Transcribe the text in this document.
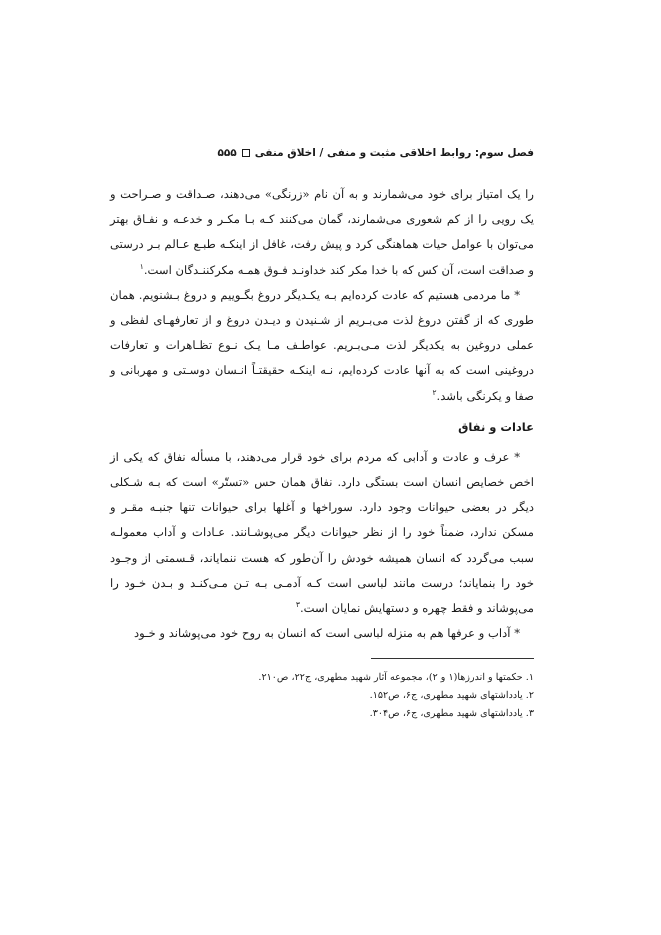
فصل سوم: روابط اخلاقی مثبت و منفی / اخلاق منفی
۵۵۵

را یک امتیاز برای خود می‌شمارند و به آن نام «زرنگی» می‌دهند، صـداقت و صـراحت و یک رویی را از کم شعوری می‌شمارند، گمان می‌کنند کـه بـا مکـر و خدعـه و نفـاق بهتر می‌توان با عوامل حیات هماهنگی کرد و پیش رفت، غافل از اینکـه طبـع عـالم بـر درستی و صداقت است، آن کس که با خدا مکر کند خداونـد فـوق همـه مکرکننـدگان است.$^۱$

* ما مردمی هستیم که عادت کرده‌ایم بـه یکـدیگر دروغ بگـوییم و دروغ بـشنویم. همان طوری که از گفتن دروغ لذت می‌بـریم از شـنیدن و دیـدن دروغ و از تعارفهـای لفظی و عملی دروغین به یکدیگر لذت مـی‌بـریم. عواطـف مـا یـک نـوع تظـاهرات و تعارفات دروغینی است که به آنها عادت کرده‌ایم، نـه اینکـه حقیقتـاً انـسان دوسـتی و مهربانی و صفا و یکرنگی باشد.$^۲$

عادات و نفاق

* عرف و عادت و آدابی که مردم برای خود قرار می‌دهند، با مسأله نفاق که یکی از اخص خصایص انسان است بستگی دارد. نفاق همان حس «تستّر» است که بـه شـکلی دیگر در بعضی حیوانات وجود دارد. سوراخها و آغلها برای حیوانات تنها جنبـه مقـر و مسکن ندارد، ضمناً خود را از نظر حیوانات دیگر می‌پوشـانند. عـادات و آداب معمولـه سبب می‌گردد که انسان همیشه خودش را آن‌طور که هست ننمایاند، قـسمتی از وجـود خود را بنمایاند؛ درست مانند لباسی است کـه آدمـی بـه تـن مـی‌کنـد و بـدن خـود را می‌پوشاند و فقط چهره و دستهایش نمایان است.$^۳$

* آداب و عرفها هم به منزله لباسی است که انسان به روح خود می‌پوشاند و خـود

۱. حکمتها و اندرزها(۱ و ۲)، مجموعه آثار شهید مطهری، ج۲۲، ص۲۱۰.

۲. یادداشتهای شهید مطهری، ج۶، ص۱۵۲.

۳. یادداشتهای شهید مطهری، ج۶، ص۳۰۴.
